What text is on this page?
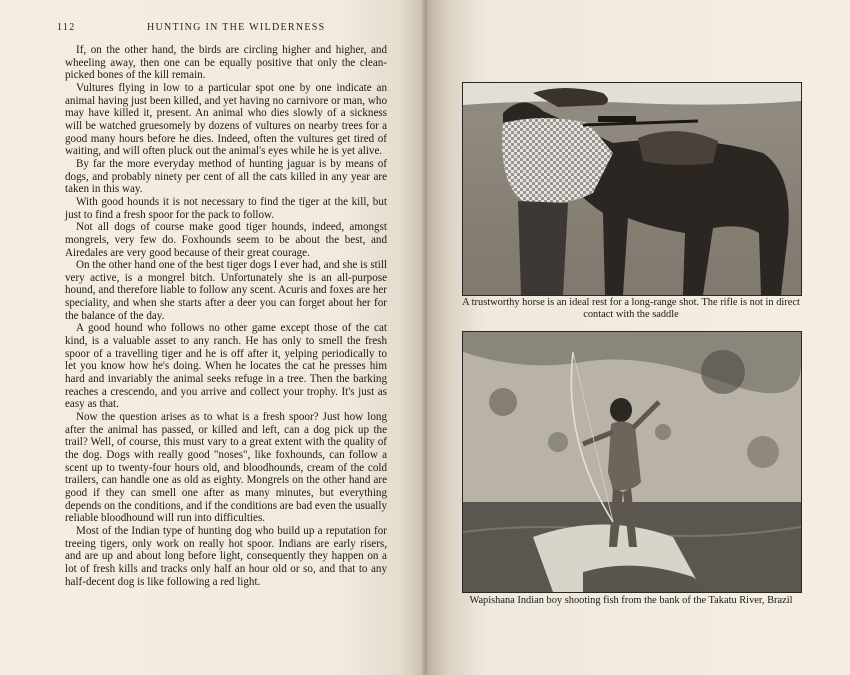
112	HUNTING IN THE WILDERNESS

If, on the other hand, the birds are circling higher and higher, and wheeling away, then one can be equally positive that only the clean-picked bones of the kill remain.

Vultures flying in low to a particular spot one by one indicate an animal having just been killed, and yet having no carnivore or man, who may have killed it, present. An animal who dies slowly of a sickness will be watched gruesomely by dozens of vultures on nearby trees for a good many hours before he dies. Indeed, often the vultures get tired of waiting, and will often pluck out the animal's eyes while he is yet alive.

By far the more everyday method of hunting jaguar is by means of dogs, and probably ninety per cent of all the cats killed in any year are taken in this way.

With good hounds it is not necessary to find the tiger at the kill, but just to find a fresh spoor for the pack to follow.

Not all dogs of course make good tiger hounds, indeed, amongst mongrels, very few do. Foxhounds seem to be about the best, and Airedales are very good because of their great courage.

On the other hand one of the best tiger dogs I ever had, and she is still very active, is a mongrel bitch. Unfortunately she is an all-purpose hound, and therefore liable to follow any scent. Acuris and foxes are her speciality, and when she starts after a deer you can forget about her for the balance of the day.

A good hound who follows no other game except those of the cat kind, is a valuable asset to any ranch. He has only to smell the fresh spoor of a travelling tiger and he is off after it, yelping periodically to let you know how he's doing. When he locates the cat he presses him hard and invariably the animal seeks refuge in a tree. Then the barking reaches a crescendo, and you arrive and collect your trophy. It's just as easy as that.

Now the question arises as to what is a fresh spoor? Just how long after the animal has passed, or killed and left, can a dog pick up the trail? Well, of course, this must vary to a great extent with the quality of the dog. Dogs with really good "noses", like foxhounds, can follow a scent up to twenty-four hours old, and bloodhounds, cream of the cold trailers, can handle one as old as eighty. Mongrels on the other hand are good if they can smell one after as many minutes, but everything depends on the conditions, and if the conditions are bad even the usually reliable bloodhound will run into difficulties.

Most of the Indian type of hunting dog who build up a reputation for treeing tigers, only work on really hot spoor. Indians are early risers, and are up and about long before light, consequently they happen on a lot of fresh kills and tracks only half an hour old or so, and that to any half-decent dog is like following a red light.

A trustworthy horse is an ideal rest for a long-range shot. The rifle is not in direct contact with the saddle
Wapishana Indian boy shooting fish from the bank of the Takatu River, Brazil
